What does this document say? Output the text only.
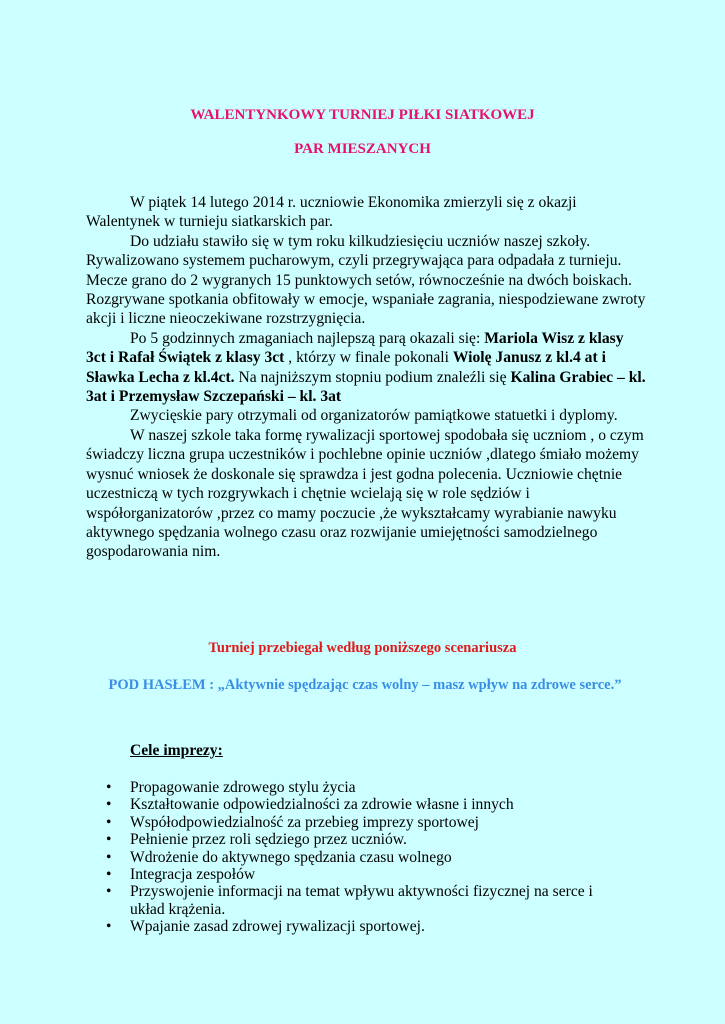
WALENTYNKOWY TURNIEJ PIŁKI SIATKOWEJ
PAR MIESZANYCH

W piątek 14 lutego 2014 r. uczniowie Ekonomika zmierzyli się z okazji Walentynek w turnieju siatkarskich par.

Do udziału stawiło się w tym roku kilkudziesięciu uczniów naszej szkoły. Rywalizowano systemem pucharowym, czyli przegrywająca para odpadała z turnieju. Mecze grano do 2 wygranych 15 punktowych setów, równocześnie na dwóch boiskach. Rozgrywane spotkania obfitowały w emocje, wspaniałe zagrania, niespodziewane zwroty akcji i liczne nieoczekiwane rozstrzygnięcia.

Po 5 godzinnych zmaganiach najlepszą parą okazali się: Mariola Wisz z klasy 3ct i Rafał Świątek z klasy 3ct , którzy w finale pokonali Wiolę Janusz z kl.4 at i Sławka Lecha z kl.4ct. Na najniższym stopniu podium znaleźli się Kalina Grabiec – kl. 3at i Przemysław Szczepański – kl. 3at

Zwycięskie pary otrzymali od organizatorów pamiątkowe statuetki i dyplomy.

W naszej szkole taka formę rywalizacji sportowej spodobała się uczniom , o czym świadczy liczna grupa uczestników i pochlebne opinie uczniów ,dlatego śmiało możemy wysnuć wniosek że doskonale się sprawdza i jest godna polecenia. Uczniowie chętnie uczestniczą w tych rozgrywkach i chętnie wcielają się w role sędziów i współorganizatorów ,przez co mamy poczucie ,że wykształcamy wyrabianie nawyku aktywnego spędzania wolnego czasu oraz rozwijanie umiejętności samodzielnego gospodarowania nim.

Turniej przebiegał według poniższego scenariusza

POD HASŁEM : „Aktywnie spędzając czas wolny – masz wpływ na zdrowe serce.”

Cele imprezy:

• Propagowanie zdrowego stylu życia
• Kształtowanie odpowiedzialności za zdrowie własne i innych
• Współodpowiedzialność za przebieg imprezy sportowej
• Pełnienie przez roli sędziego przez uczniów.
• Wdrożenie do aktywnego spędzania czasu wolnego
• Integracja zespołów
• Przyswojenie informacji na temat wpływu aktywności fizycznej na serce i układ krążenia.
• Wpajanie zasad zdrowej rywalizacji sportowej.
